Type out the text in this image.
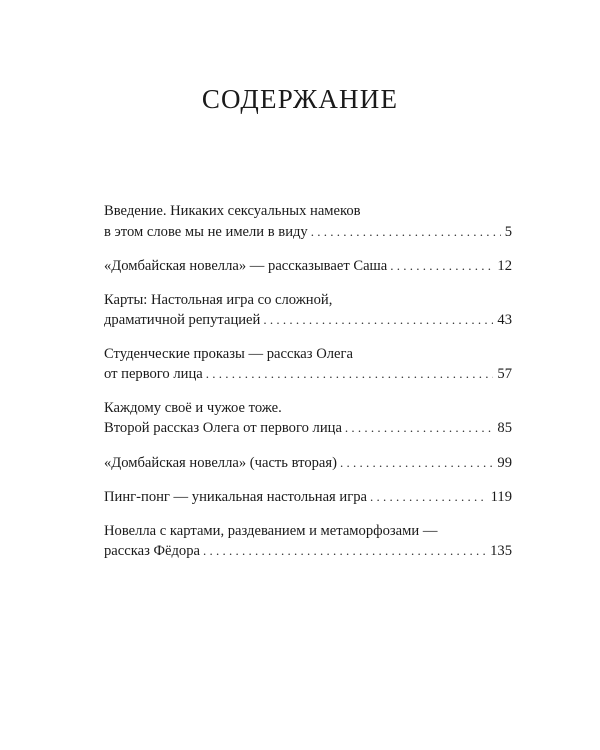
СОДЕРЖАНИЕ
Введение. Никаких сексуальных намеков
в этом слове мы не имели в виду . . .	5
«Домбайская новелла» — рассказывает Саша . . .	12
Карты: Настольная игра со сложной,
драматичной репутацией . . .	43
Студенческие проказы — рассказ Олега
от первого лица . . .	57
Каждому своё и чужое тоже.
Второй рассказ Олега от первого лица . . .	85
«Домбайская новелла» (часть вторая) . . .	99
Пинг-понг — уникальная настольная игра . . .	119
Новелла с картами, раздеванием и метаморфозами —
рассказ Фёдора . . .	135
